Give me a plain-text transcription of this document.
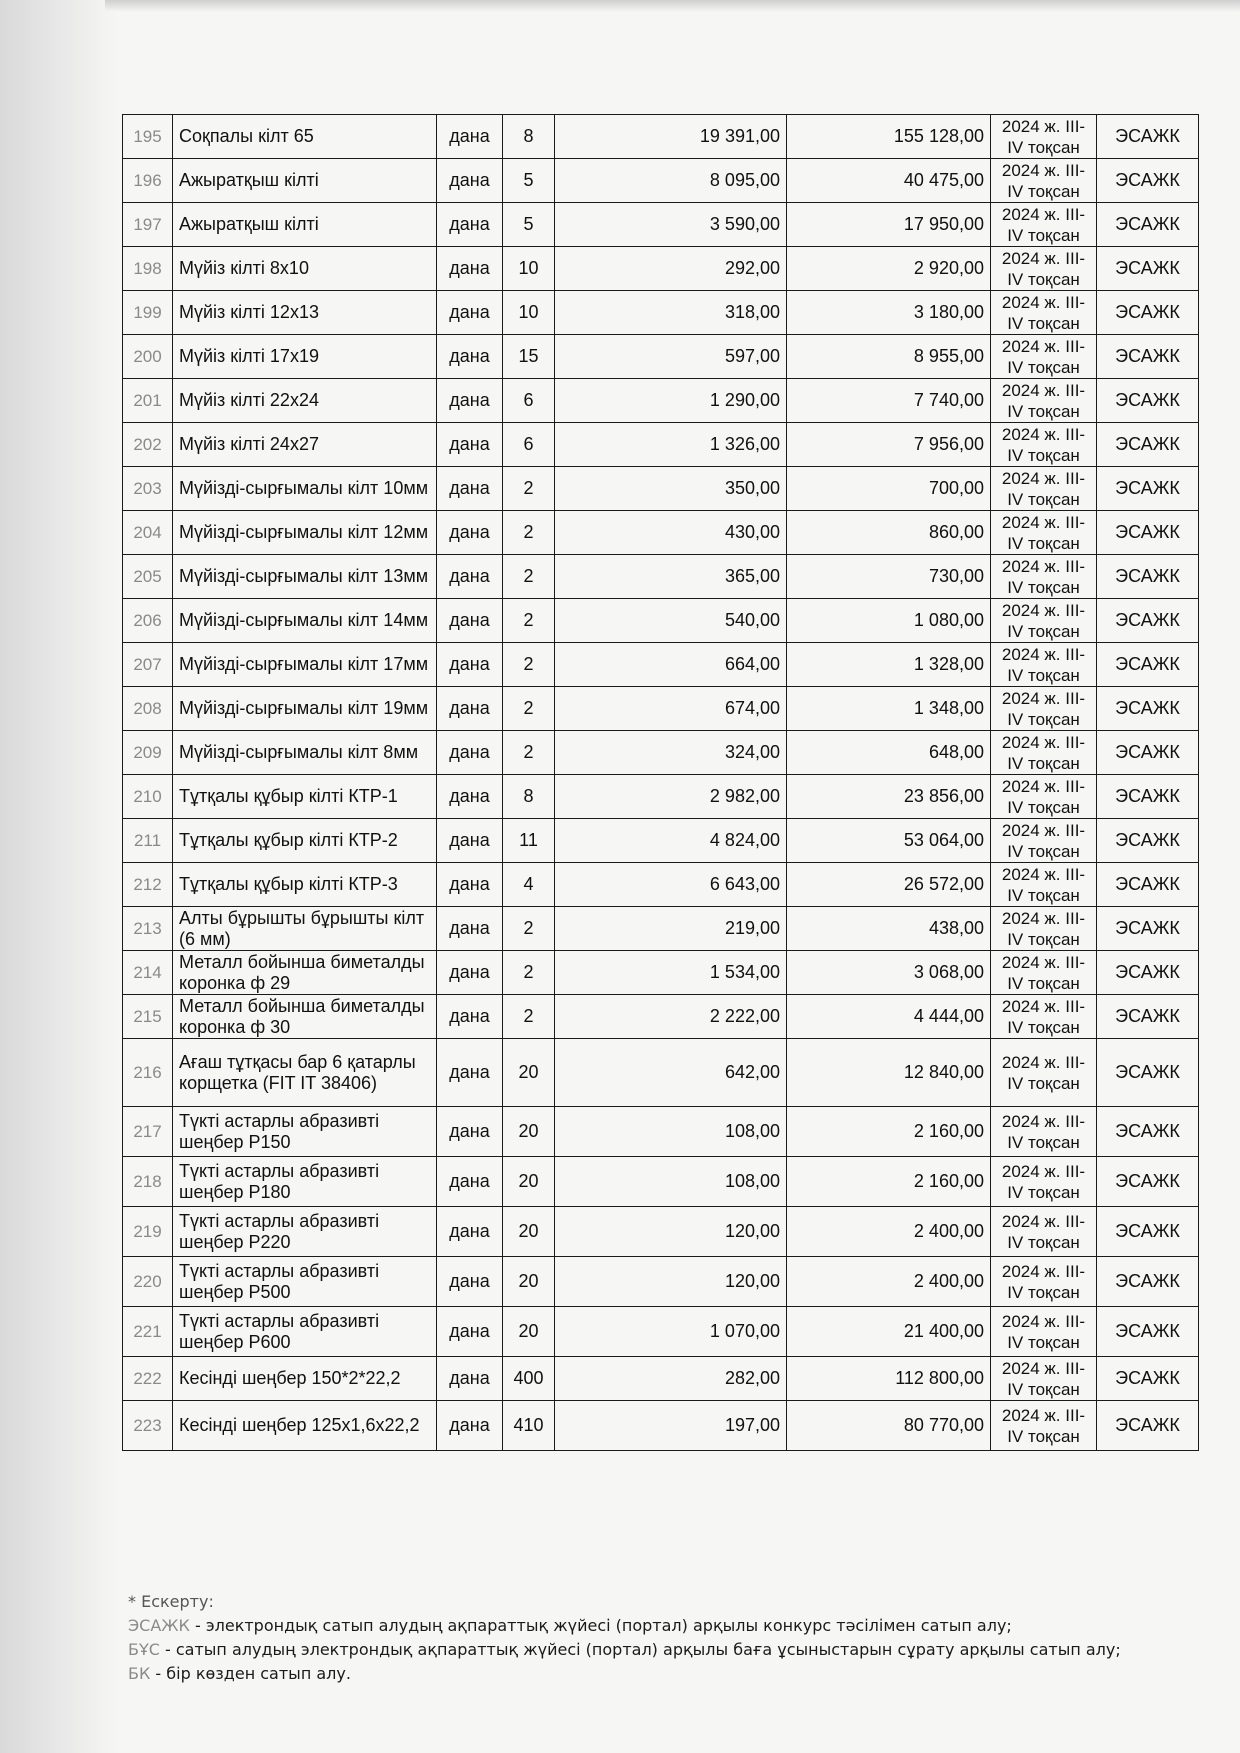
195	Соқпалы кілт 65	дана	8	19 391,00	155 128,00	2024 ж. III-IV тоқсан	ЭСАЖК
196	Ажыратқыш кілті	дана	5	8 095,00	40 475,00	2024 ж. III-IV тоқсан	ЭСАЖК
197	Ажыратқыш кілті	дана	5	3 590,00	17 950,00	2024 ж. III-IV тоқсан	ЭСАЖК
198	Мүйіз кілті 8x10	дана	10	292,00	2 920,00	2024 ж. III-IV тоқсан	ЭСАЖК
199	Мүйіз кілті 12x13	дана	10	318,00	3 180,00	2024 ж. III-IV тоқсан	ЭСАЖК
200	Мүйіз кілті 17x19	дана	15	597,00	8 955,00	2024 ж. III-IV тоқсан	ЭСАЖК
201	Мүйіз кілті 22x24	дана	6	1 290,00	7 740,00	2024 ж. III-IV тоқсан	ЭСАЖК
202	Мүйіз кілті 24x27	дана	6	1 326,00	7 956,00	2024 ж. III-IV тоқсан	ЭСАЖК
203	Мүйізді-сырғымалы кілт 10мм	дана	2	350,00	700,00	2024 ж. III-IV тоқсан	ЭСАЖК
204	Мүйізді-сырғымалы кілт 12мм	дана	2	430,00	860,00	2024 ж. III-IV тоқсан	ЭСАЖК
205	Мүйізді-сырғымалы кілт 13мм	дана	2	365,00	730,00	2024 ж. III-IV тоқсан	ЭСАЖК
206	Мүйізді-сырғымалы кілт 14мм	дана	2	540,00	1 080,00	2024 ж. III-IV тоқсан	ЭСАЖК
207	Мүйізді-сырғымалы кілт 17мм	дана	2	664,00	1 328,00	2024 ж. III-IV тоқсан	ЭСАЖК
208	Мүйізді-сырғымалы кілт 19мм	дана	2	674,00	1 348,00	2024 ж. III-IV тоқсан	ЭСАЖК
209	Мүйізді-сырғымалы кілт 8мм	дана	2	324,00	648,00	2024 ж. III-IV тоқсан	ЭСАЖК
210	Тұтқалы құбыр кілті КТР-1	дана	8	2 982,00	23 856,00	2024 ж. III-IV тоқсан	ЭСАЖК
211	Тұтқалы құбыр кілті КТР-2	дана	11	4 824,00	53 064,00	2024 ж. III-IV тоқсан	ЭСАЖК
212	Тұтқалы құбыр кілті КТР-3	дана	4	6 643,00	26 572,00	2024 ж. III-IV тоқсан	ЭСАЖК
213	Алты бұрышты бұрышты кілт (6 мм)	дана	2	219,00	438,00	2024 ж. III-IV тоқсан	ЭСАЖК
214	Металл бойынша биметалды коронка ф 29	дана	2	1 534,00	3 068,00	2024 ж. III-IV тоқсан	ЭСАЖК
215	Металл бойынша биметалды коронка ф 30	дана	2	2 222,00	4 444,00	2024 ж. III-IV тоқсан	ЭСАЖК
216	Ағаш тұтқасы бар 6 қатарлы корщетка (FIT IT 38406)	дана	20	642,00	12 840,00	2024 ж. III-IV тоқсан	ЭСАЖК
217	Түкті астарлы абразивті шеңбер Р150	дана	20	108,00	2 160,00	2024 ж. III-IV тоқсан	ЭСАЖК
218	Түкті астарлы абразивті шеңбер Р180	дана	20	108,00	2 160,00	2024 ж. III-IV тоқсан	ЭСАЖК
219	Түкті астарлы абразивті шеңбер Р220	дана	20	120,00	2 400,00	2024 ж. III-IV тоқсан	ЭСАЖК
220	Түкті астарлы абразивті шеңбер Р500	дана	20	120,00	2 400,00	2024 ж. III-IV тоқсан	ЭСАЖК
221	Түкті астарлы абразивті шеңбер Р600	дана	20	1 070,00	21 400,00	2024 ж. III-IV тоқсан	ЭСАЖК
222	Кесінді шеңбер 150*2*22,2	дана	400	282,00	112 800,00	2024 ж. III-IV тоқсан	ЭСАЖК
223	Кесінді шеңбер 125х1,6х22,2	дана	410	197,00	80 770,00	2024 ж. III-IV тоқсан	ЭСАЖК
* Ескерту:
ЭСАЖК - электрондық сатып алудың ақпараттық жүйесі (портал) арқылы конкурс тәсілімен сатып алу;
БҰС - сатып алудың электрондық ақпараттық жүйесі (портал) арқылы баға ұсыныстарын сұрату арқылы сатып алу;
БК - бір көзден сатып алу.
